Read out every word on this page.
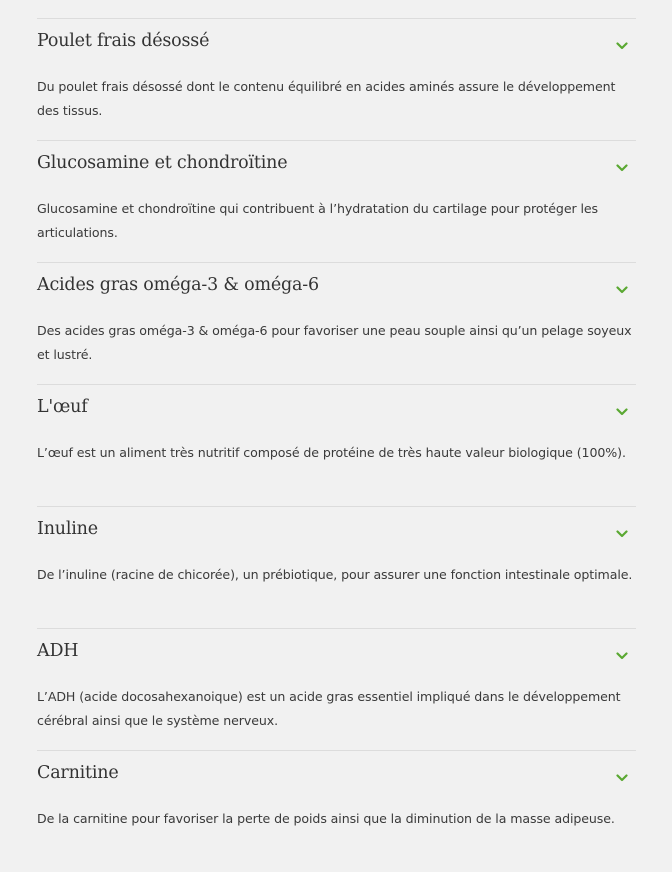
Poulet frais désossé

Du poulet frais désossé dont le contenu équilibré en acides aminés assure le développement des tissus.

Glucosamine et chondroïtine

Glucosamine et chondroïtine qui contribuent à l’hydratation du cartilage pour protéger les articulations.

Acides gras oméga-3 & oméga-6

Des acides gras oméga-3 & oméga-6 pour favoriser une peau souple ainsi qu’un pelage soyeux et lustré.

L'œuf

L’œuf est un aliment très nutritif composé de protéine de très haute valeur biologique (100%).

Inuline

De l’inuline (racine de chicorée), un prébiotique, pour assurer une fonction intestinale optimale.

ADH

L’ADH (acide docosahexanoique) est un acide gras essentiel impliqué dans le développement cérébral ainsi que le système nerveux.

Carnitine

De la carnitine pour favoriser la perte de poids ainsi que la diminution de la masse adipeuse.
